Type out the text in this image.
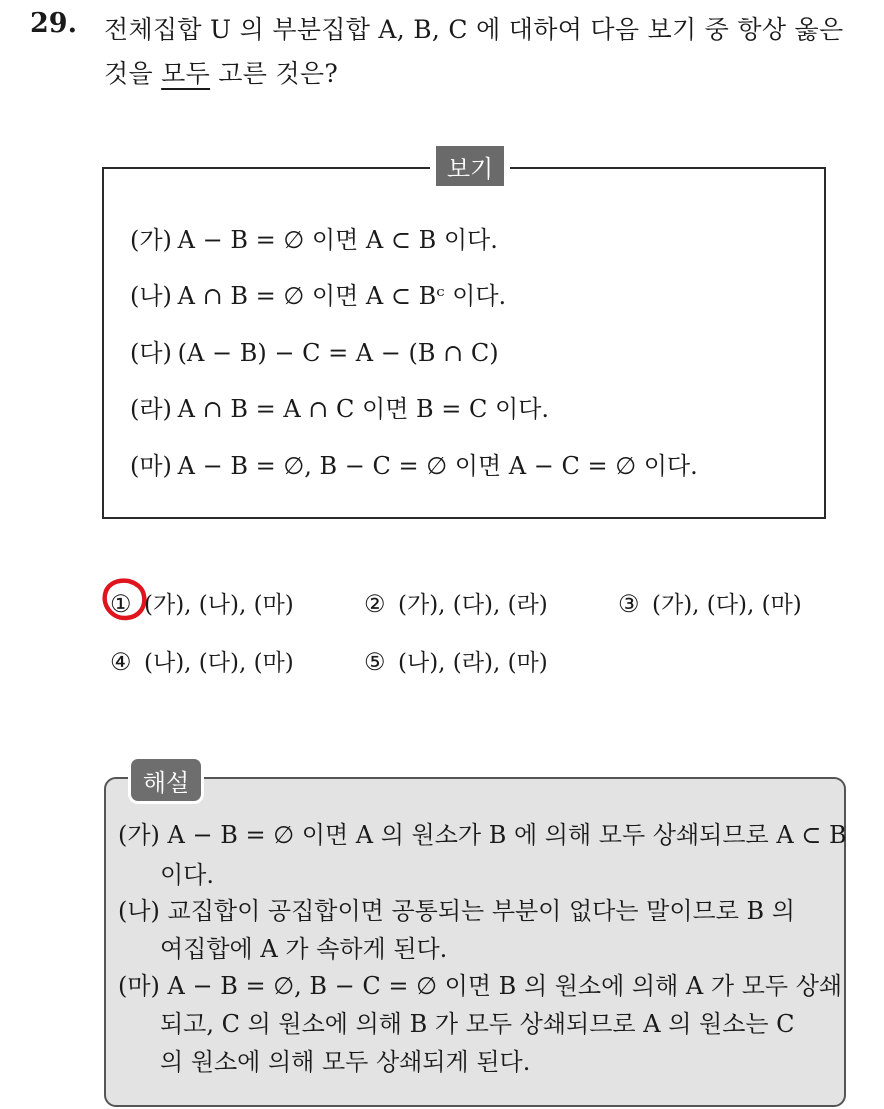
29. 전체집합 U 의 부분집합 A, B, C 에 대하여 다음 보기 중 항상 옳은
것을 모두 고른 것은?
보기
(가) A − B = ∅ 이면 A ⊂ B 이다.
(나) A ∩ B = ∅ 이면 A ⊂ Bᶜ 이다.
(다) (A − B) − C = A − (B ∩ C)
(라) A ∩ B = A ∩ C 이면 B = C 이다.
(마) A − B = ∅, B − C = ∅ 이면 A − C = ∅ 이다.
① (가), (나), (마)	② (가), (다), (라)	③ (가), (다), (마)
④ (나), (다), (마)	⑤ (나), (라), (마)
해설
(가) A − B = ∅ 이면 A 의 원소가 B 에 의해 모두 상쇄되므로 A ⊂ B
이다.
(나) 교집합이 공집합이면 공통되는 부분이 없다는 말이므로 B 의
여집합에 A 가 속하게 된다.
(마) A − B = ∅, B − C = ∅ 이면 B 의 원소에 의해 A 가 모두 상쇄
되고, C 의 원소에 의해 B 가 모두 상쇄되므로 A 의 원소는 C
의 원소에 의해 모두 상쇄되게 된다.
